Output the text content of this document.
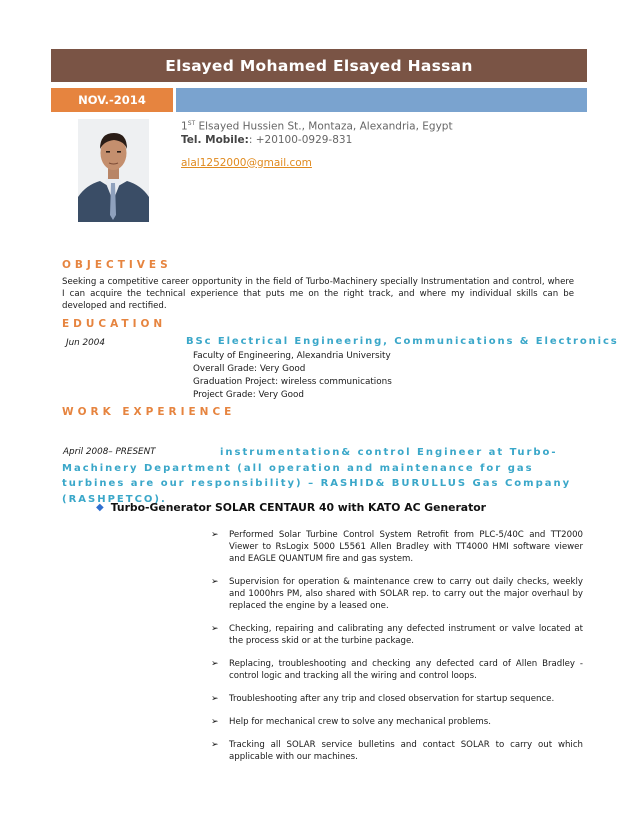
Elsayed Mohamed Elsayed Hassan
NOV.-2014
1ST Elsayed Hussien St., Montaza, Alexandria, Egypt
Tel. Mobile:: +20100-0929-831
alal1252000@gmail.com
OBJECTIVES
Seeking a competitive career opportunity in the field of Turbo-Machinery specially Instrumentation and control, where I can acquire the technical experience that puts me on the right track, and where my individual skills can be developed and rectified.
EDUCATION
Jun 2004	BSc Electrical Engineering, Communications & Electronics
Faculty of Engineering, Alexandria University
Overall Grade: Very Good
Graduation Project: wireless communications
Project Grade: Very Good
WORK EXPERIENCE
instrumentation& control Engineer at Turbo-Machinery Department (all operation and maintenance for gas turbines are our responsibility) – RASHID& BURULLUS Gas Company (RASHPETCO).
April 2008– PRESENT
◆ Turbo-Generator SOLAR CENTAUR 40 with KATO AC Generator
➢ Performed Solar Turbine Control System Retrofit from PLC-5/40C and TT2000 Viewer to RsLogix 5000 L5561 Allen Bradley with TT4000 HMI software viewer and EAGLE QUANTUM fire and gas system.
➢ Supervision for operation & maintenance crew to carry out daily checks, weekly and 1000hrs PM, also shared with SOLAR rep. to carry out the major overhaul by replaced the engine by a leased one.
➢ Checking, repairing and calibrating any defected instrument or valve located at the process skid or at the turbine package.
➢ Replacing, troubleshooting and checking any defected card of Allen Bradley -control logic and tracking all the wiring and control loops.
➢ Troubleshooting after any trip and closed observation for startup sequence.
➢ Help for mechanical crew to solve any mechanical problems.
➢ Tracking all SOLAR service bulletins and contact SOLAR to carry out which applicable with our machines.
